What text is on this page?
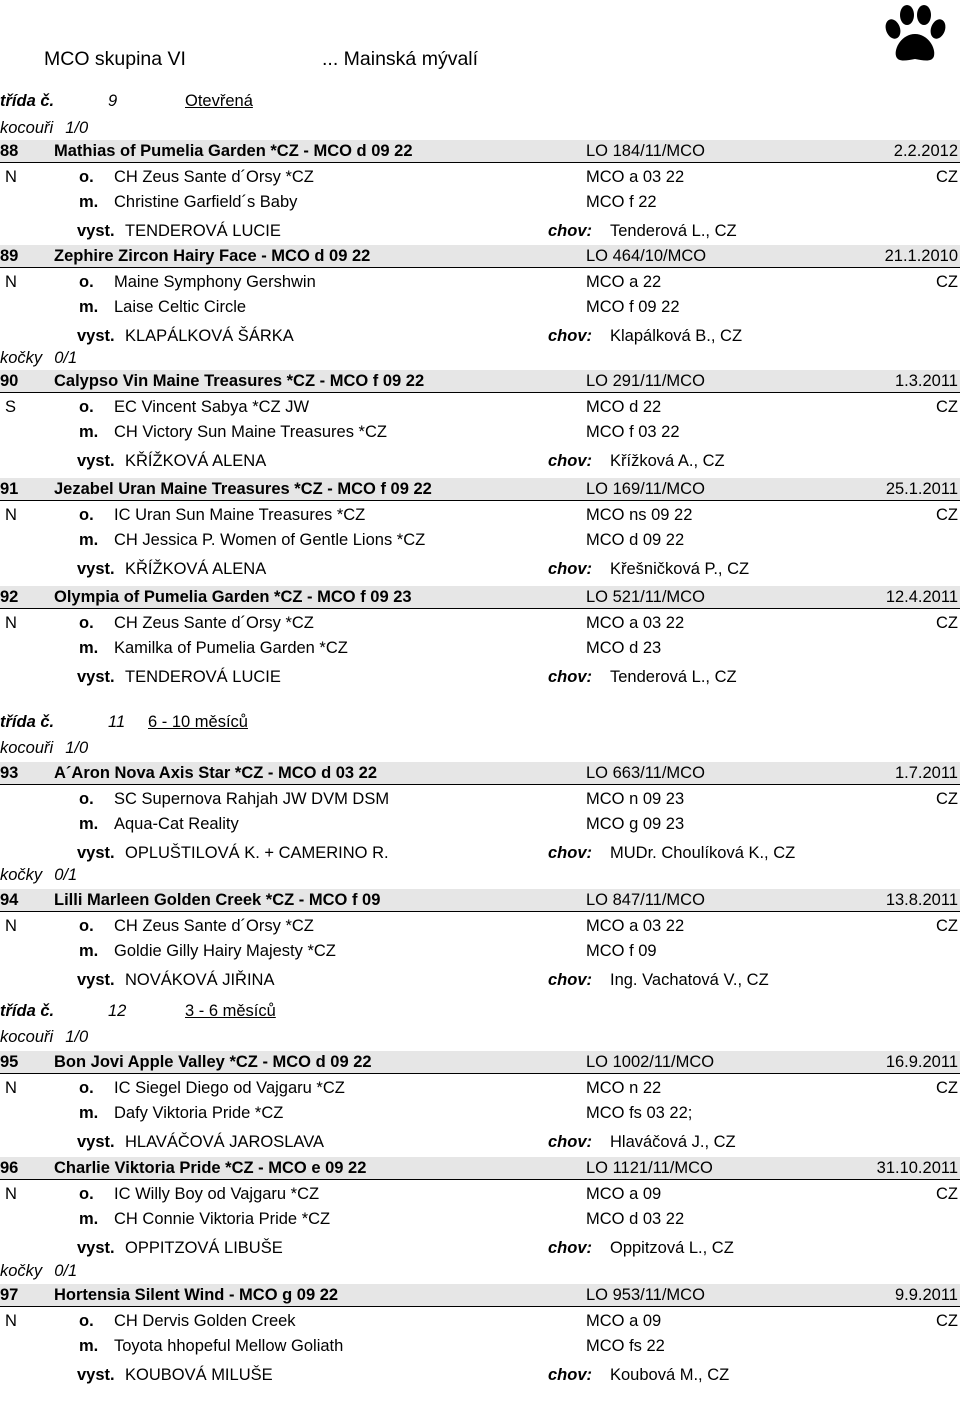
MCO skupina VI	... Mainská mývalí
třída č.	9	Otevřená
kocouři 1/0
88 Mathias of Pumelia Garden *CZ - MCO d 09 22	LO 184/11/MCO	2.2.2012
N	o. CH Zeus Sante d´Orsy *CZ	MCO a 03 22	CZ
m. Christine Garfield´s Baby	MCO f 22
vyst. TENDEROVÁ LUCIE	chov: Tenderová L., CZ
89 Zephire Zircon Hairy Face - MCO d 09 22	LO 464/10/MCO	21.1.2010
N	o. Maine Symphony Gershwin	MCO a 22	CZ
m. Laise Celtic Circle	MCO f 09 22
vyst. KLAPÁLKOVÁ ŠÁRKA	chov: Klapálková B., CZ
kočky 0/1
90 Calypso Vin Maine Treasures *CZ - MCO f 09 22	LO 291/11/MCO	1.3.2011
S	o. EC Vincent Sabya *CZ JW	MCO d 22	CZ
m. CH Victory Sun Maine Treasures *CZ	MCO f 03 22
vyst. KŘÍŽKOVÁ ALENA	chov: Křížková A., CZ
91 Jezabel Uran Maine Treasures *CZ - MCO f 09 22	LO 169/11/MCO	25.1.2011
N	o. IC Uran Sun Maine Treasures *CZ	MCO ns 09 22	CZ
m. CH Jessica P. Women of Gentle Lions *CZ	MCO d 09 22
vyst. KŘÍŽKOVÁ ALENA	chov: Křešničková P., CZ
92 Olympia of Pumelia Garden *CZ - MCO f 09 23	LO 521/11/MCO	12.4.2011
N	o. CH Zeus Sante d´Orsy *CZ	MCO a 03 22	CZ
m. Kamilka of Pumelia Garden *CZ	MCO d 23
vyst. TENDEROVÁ LUCIE	chov: Tenderová L., CZ
třída č.	11 6 - 10 měsíců
kocouři 1/0
93 A´Aron Nova Axis Star *CZ - MCO d 03 22	LO 663/11/MCO	1.7.2011
o. SC Supernova Rahjah JW DVM DSM	MCO n 09 23	CZ
m. Aqua-Cat Reality	MCO g 09 23
vyst. OPLUŠTILOVÁ K. + CAMERINO R.	chov: MUDr. Choulíková K., CZ
kočky 0/1
94 Lilli Marleen Golden Creek *CZ - MCO f 09	LO 847/11/MCO	13.8.2011
N	o. CH Zeus Sante d´Orsy *CZ	MCO a 03 22	CZ
m. Goldie Gilly Hairy Majesty *CZ	MCO f 09
vyst. NOVÁKOVÁ JIŘINA	chov: Ing. Vachatová V., CZ
třída č.	12	3 - 6 měsíců
kocouři 1/0
95 Bon Jovi Apple Valley *CZ - MCO d 09 22	LO 1002/11/MCO	16.9.2011
N	o. IC Siegel Diego od Vajgaru *CZ	MCO n 22	CZ
m. Dafy Viktoria Pride *CZ	MCO fs 03 22;
vyst. HLAVÁČOVÁ JAROSLAVA	chov: Hlaváčová J., CZ
96 Charlie Viktoria Pride *CZ - MCO e 09 22	LO 1121/11/MCO	31.10.2011
N	o. IC Willy Boy od Vajgaru *CZ	MCO a 09	CZ
m. CH Connie Viktoria Pride *CZ	MCO d 03 22
vyst. OPPITZOVÁ LIBUŠE	chov: Oppitzová L., CZ
kočky 0/1
97 Hortensia Silent Wind - MCO g 09 22	LO 953/11/MCO	9.9.2011
N	o. CH Dervis Golden Creek	MCO a 09	CZ
m. Toyota hhopeful Mellow Goliath	MCO fs 22
vyst. KOUBOVÁ MILUŠE	chov: Koubová M., CZ
